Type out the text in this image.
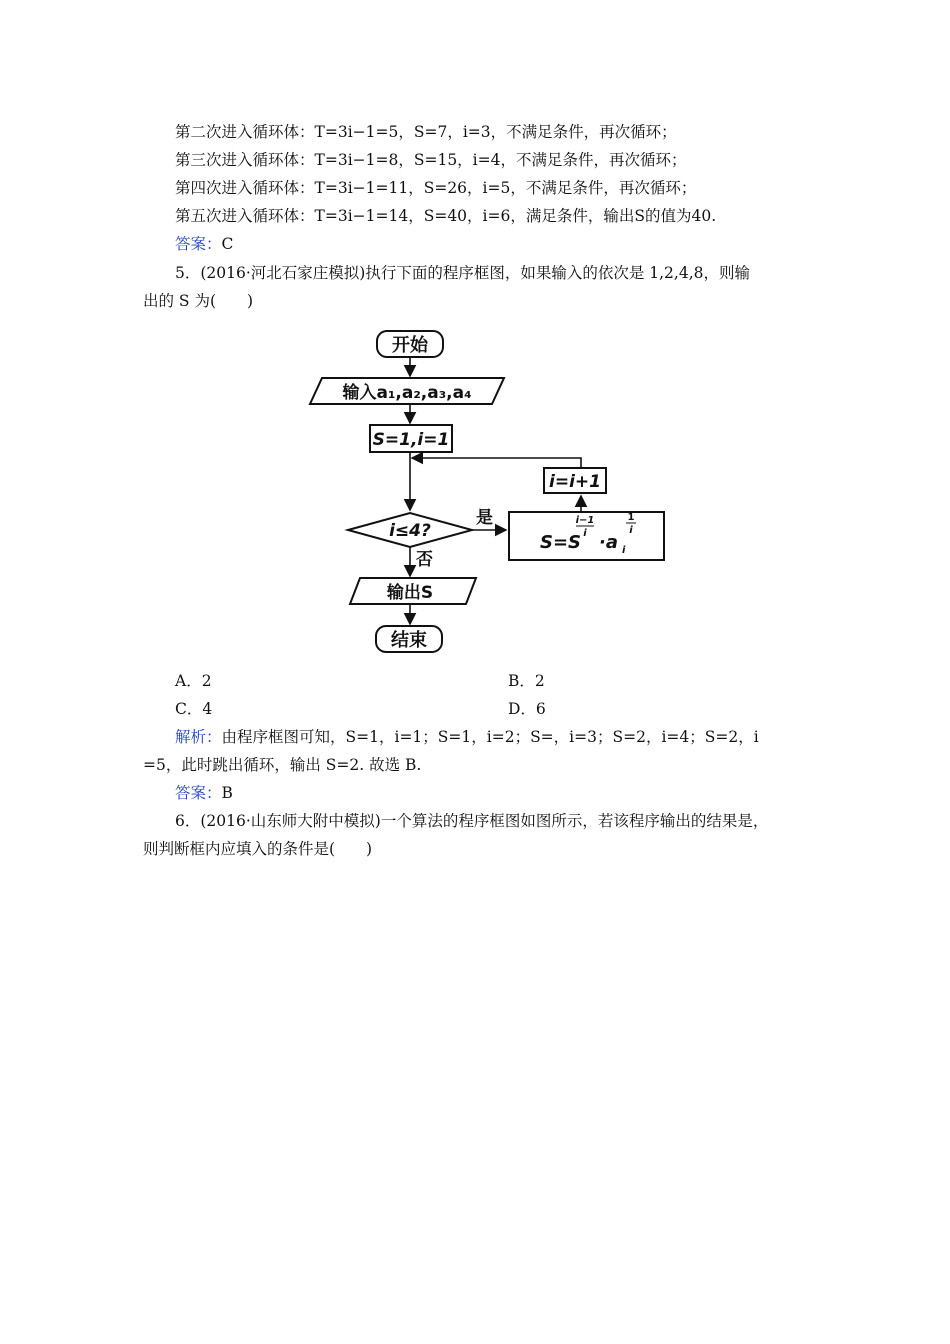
第二次进入循环体：T=3i−1=5，S=7，i=3，不满足条件，再次循环；
第三次进入循环体：T=3i−1=8，S=15，i=4，不满足条件，再次循环；
第四次进入循环体：T=3i−1=11，S=26，i=5，不满足条件，再次循环；
第五次进入循环体：T=3i−1=14，S=40，i=6，满足条件，输出S的值为40.
答案：C
5．(2016·河北石家庄模拟)执行下面的程序框图，如果输入的依次是 1,2,4,8，则输
出的 S 为(　　)
开始
输入a₁,a₂,a₃,a₄
S=1,i=1
i≤4?
是
S=S
i−1
i ·a i
1
i
i=i+1
否
输出S
结束
A．2	B．2
C．4	D．6
解析：由程序框图可知，S=1，i=1；S=1，i=2；S=，i=3；S=2，i=4；S=2，i
=5，此时跳出循环，输出 S=2. 故选 B.
答案：B
6．(2016·山东师大附中模拟)一个算法的程序框图如图所示，若该程序输出的结果是，
则判断框内应填入的条件是(　　)
